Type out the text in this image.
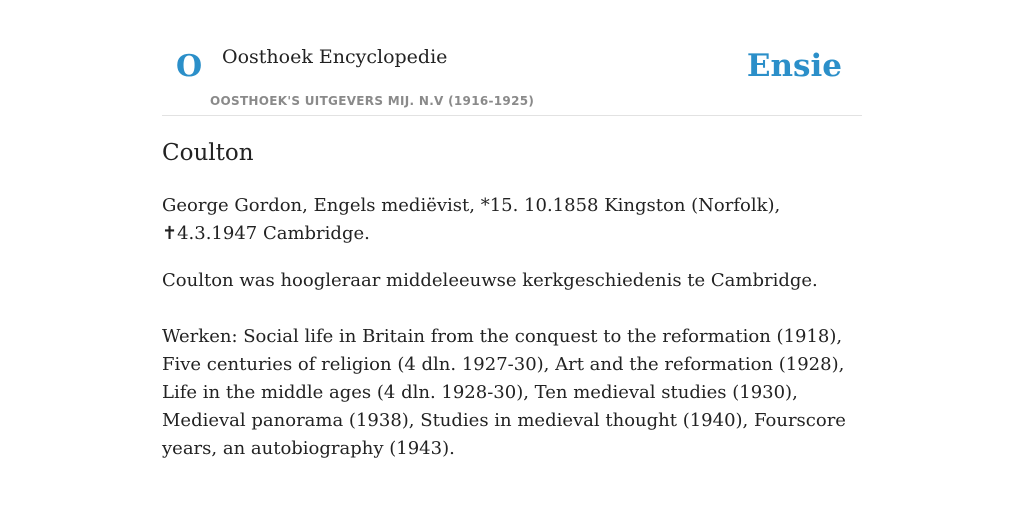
O Oosthoek Encyclopedie
OOSTHOEK'S UITGEVERS MIJ. N.V (1916-1925)
Ensie
Coulton

George Gordon, Engels mediëvist, *15. 10.1858 Kingston (Norfolk), ✝4.3.1947 Cambridge.

Coulton was hoogleraar middeleeuwse kerkgeschiedenis te Cambridge.

Werken: Social life in Britain from the conquest to the reformation (1918), Five centuries of religion (4 dln. 1927-30), Art and the reformation (1928), Life in the middle ages (4 dln. 1928-30), Ten medieval studies (1930), Medieval panorama (1938), Studies in medieval thought (1940), Fourscore years, an autobiography (1943).
